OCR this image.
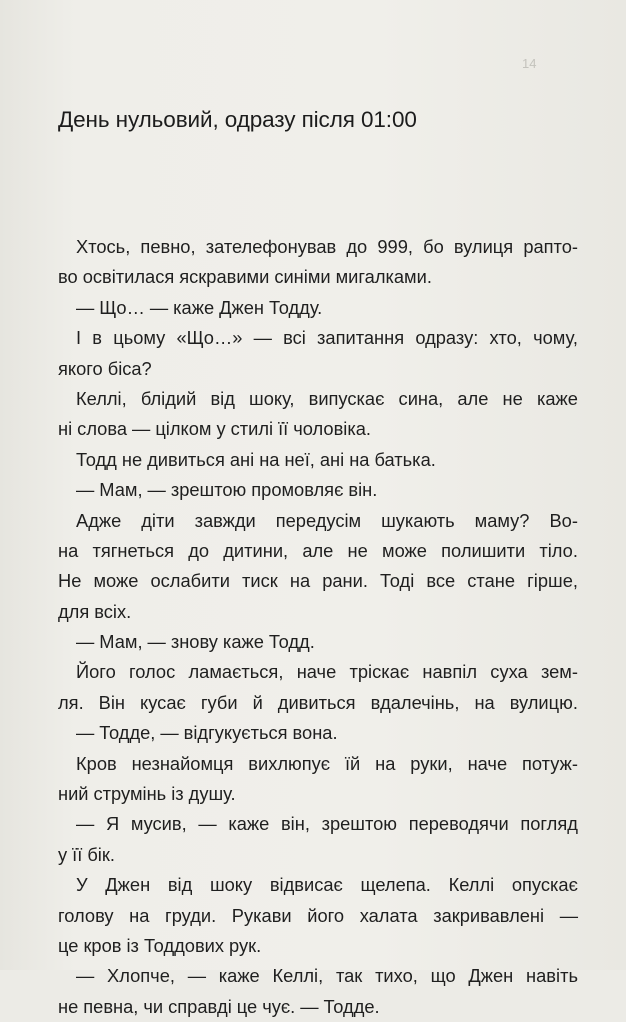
14
День нульовий, одразу після 01:00
Хтось, певно, зателефонував до 999, бо вулиця рапто-
во освітилася яскравими синіми мигалками.
— Що… — каже Джен Тодду.
І в цьому «Що…» — всі запитання одразу: хто, чому,
якого біса?
Келлі, блідий від шоку, випускає сина, але не каже
ні слова — цілком у стилі її чоловіка.
Тодд не дивиться ані на неї, ані на батька.
— Мам, — зрештою промовляє він.
Адже діти завжди передусім шукають маму? Во-
на тягнеться до дитини, але не може полишити тіло.
Не може ослабити тиск на рани. Тоді все стане гірше,
для всіх.
— Мам, — знову каже Тодд.
Його голос ламається, наче тріскає навпіл суха зем-
ля. Він кусає губи й дивиться вдалечінь, на вулицю.
— Тодде, — відгукується вона.
Кров незнайомця вихлюпує їй на руки, наче потуж-
ний струмінь із душу.
— Я мусив, — каже він, зрештою переводячи погляд
у її бік.
У Джен від шоку відвисає щелепа. Келлі опускає
голову на груди. Рукави його халата закривавлені —
це кров із Тоддових рук.
— Хлопче, — каже Келлі, так тихо, що Джен навіть
не певна, чи справді це чує. — Тодде.
